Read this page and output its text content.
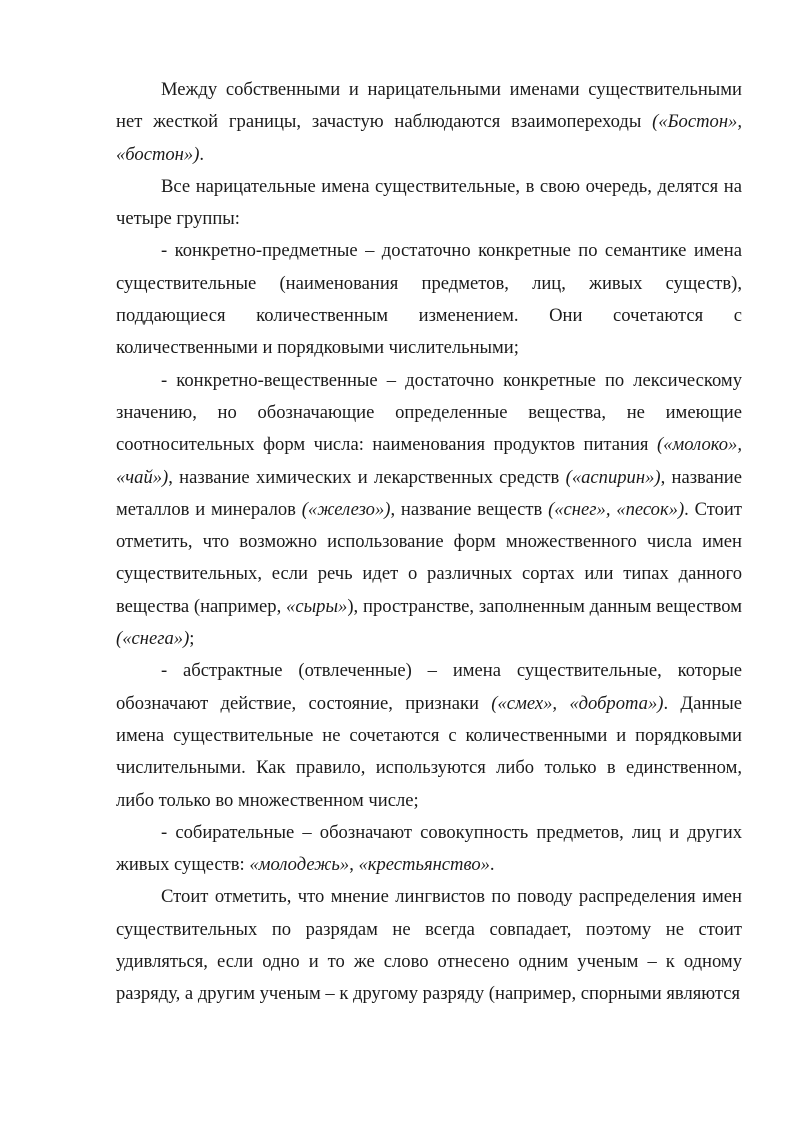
Между собственными и нарицательными именами существительными нет жесткой границы, зачастую наблюдаются взаимопереходы («Бостон», «бостон»).

Все нарицательные имена существительные, в свою очередь, делятся на четыре группы:

- конкретно-предметные – достаточно конкретные по семантике имена существительные (наименования предметов, лиц, живых существ), поддающиеся количественным изменением. Они сочетаются с количественными и порядковыми числительными;

- конкретно-вещественные – достаточно конкретные по лексическому значению, но обозначающие определенные вещества, не имеющие соотносительных форм числа: наименования продуктов питания («молоко», «чай»), название химических и лекарственных средств («аспирин»), название металлов и минералов («железо»), название веществ («снег», «песок»). Стоит отметить, что возможно использование форм множественного числа имен существительных, если речь идет о различных сортах или типах данного вещества (например, «сыры»), пространстве, заполненным данным веществом («снега»);

- абстрактные (отвлеченные) – имена существительные, которые обозначают действие, состояние, признаки («смех», «доброта»). Данные имена существительные не сочетаются с количественными и порядковыми числительными. Как правило, используются либо только в единственном, либо только во множественном числе;

- собирательные – обозначают совокупность предметов, лиц и других живых существ: «молодежь», «крестьянство».

Стоит отметить, что мнение лингвистов по поводу распределения имен существительных по разрядам не всегда совпадает, поэтому не стоит удивляться, если одно и то же слово отнесено одним ученым – к одному разряду, а другим ученым – к другому разряду (например, спорными являются
